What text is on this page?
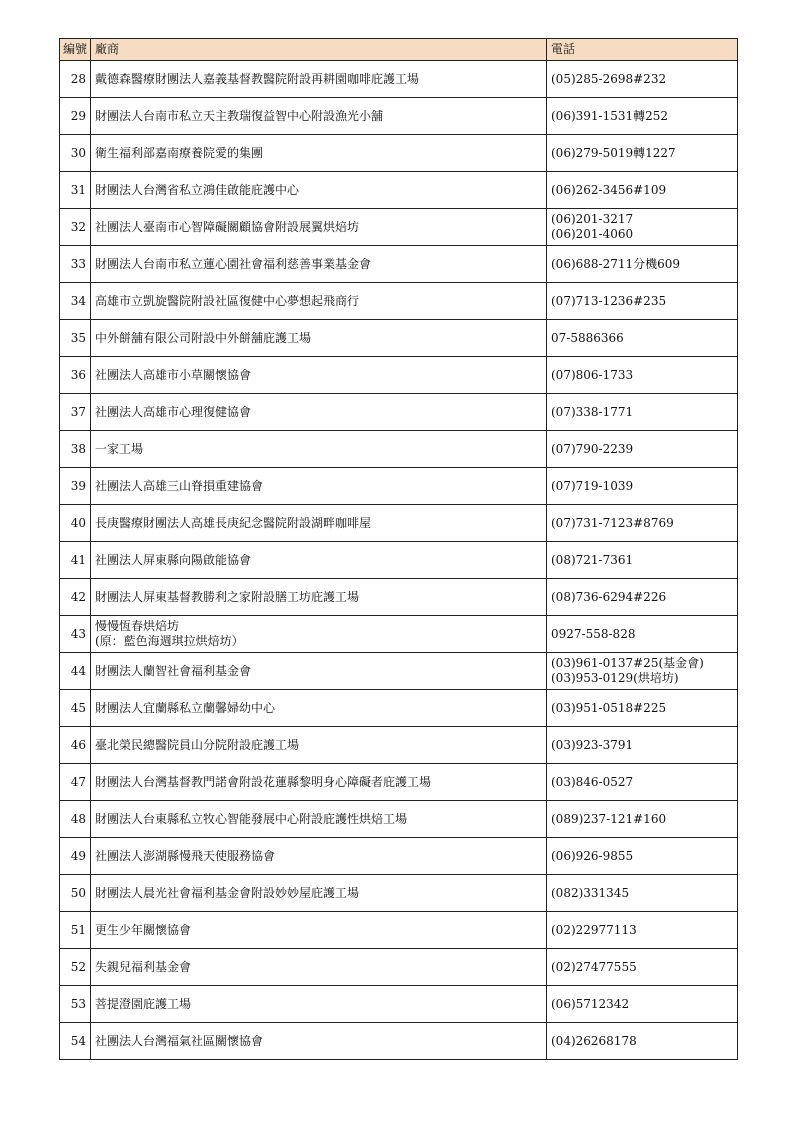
編號	廠商	電話
28	戴德森醫療財團法人嘉義基督教醫院附設再耕園咖啡庇護工場	(05)285-2698#232

29	財團法人台南市私立天主教瑞復益智中心附設漁光小舖	(06)391-1531轉252

30	衛生福利部嘉南療養院愛的集團	(06)279-5019轉1227

31	財團法人台灣省私立鴻佳啟能庇護中心	(06)262-3456#109

32	社團法人臺南市心智障礙關顧協會附設展翼烘焙坊	(06)201-3217
(06)201-4060

33	財團法人台南市私立蓮心園社會福利慈善事業基金會	(06)688-2711分機609

34	高雄市立凱旋醫院附設社區復健中心夢想起飛商行	(07)713-1236#235

35	中外餅舖有限公司附設中外餅舖庇護工場	07-5886366

36	社團法人高雄市小草關懷協會	(07)806-1733

37	社團法人高雄市心理復健協會	(07)338-1771

38	一家工場	(07)790-2239

39	社團法人高雄三山脊損重建協會	(07)719-1039

40	長庚醫療財團法人高雄長庚紀念醫院附設湖畔咖啡屋	(07)731-7123#8769

41	社團法人屏東縣向陽啟能協會	(08)721-7361

42	財團法人屏東基督教勝利之家附設膳工坊庇護工場	(08)736-6294#226

43	慢慢恆春烘焙坊
(原：藍色海週琪拉烘焙坊）	0927-558-828

44	財團法人蘭智社會福利基金會	(03)961-0137#25(基金會)
(03)953-0129(烘培坊)

45	財團法人宜蘭縣私立蘭馨婦幼中心	(03)951-0518#225

46	臺北榮民總醫院員山分院附設庇護工場	(03)923-3791

47	財團法人台灣基督教門諾會附設花蓮縣黎明身心障礙者庇護工場	(03)846-0527

48	財團法人台東縣私立牧心智能發展中心附設庇護性烘焙工場	(089)237-121#160

49	社團法人澎湖縣慢飛天使服務協會	(06)926-9855

50	財團法人晨光社會福利基金會附設妙妙屋庇護工場	(082)331345

51	更生少年關懷協會	(02)22977113

52	失親兒福利基金會	(02)27477555

53	菩提澄園庇護工場	(06)5712342

54	社團法人台灣福氣社區關懷協會	(04)26268178
